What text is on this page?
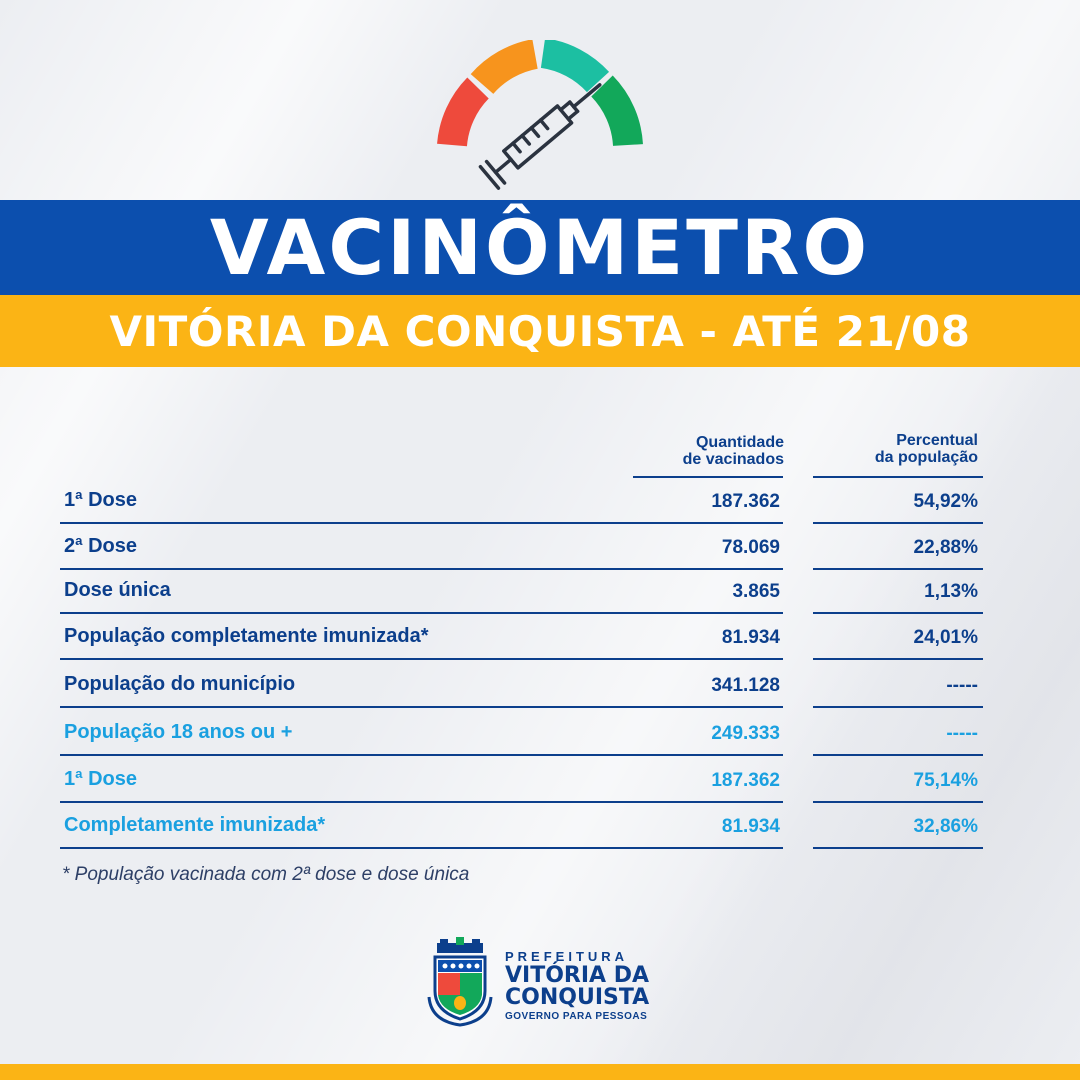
VACINÔMETRO
VITÓRIA DA CONQUISTA - ATÉ 21/08
Quantidade
de vacinados
Percentual
da população
1ª Dose	187.362	54,92%
2ª Dose	78.069	22,88%
Dose única	3.865	1,13%
População completamente imunizada*	81.934	24,01%
População do município	341.128	-----
População 18 anos ou +	249.333	-----
1ª Dose	187.362	75,14%
Completamente imunizada*	81.934	32,86%
* População vacinada com 2ª dose e dose única
PREFEITURA
VITÓRIA DA
CONQUISTA
GOVERNO PARA PESSOAS
